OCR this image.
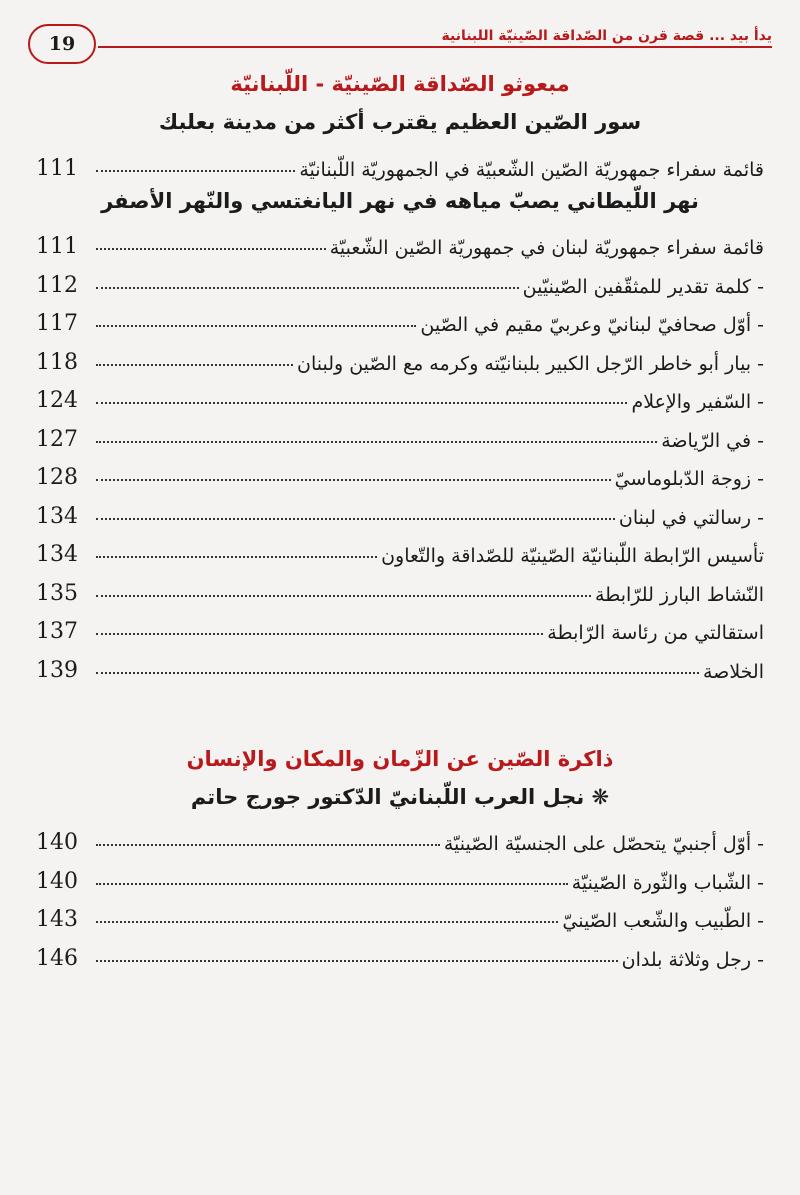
19	يدأ بيد ... قصة قرن من الصّداقة الصّينيّة اللبنانية
مبعوثو الصّداقة الصّينيّة - اللّبنانيّة
سور الصّين العظيم يقترب أكثر من مدينة بعلبك
قائمة سفراء جمهوريّة الصّين الشّعبيّة في الجمهوريّة اللّبنانيّة
111
نهر اللّيطاني يصبّ مياهه في نهر اليانغتسي والنّهر الأصفر
قائمة سفراء جمهوريّة لبنان في جمهوريّة الصّين الشّعبيّة
111
- كلمة تقدير للمثقّفين الصّينيّين
112
- أوّل صحافيّ لبنانيّ وعربيّ مقيم في الصّين
117
- بيار أبو خاطر الرّجل الكبير بلبنانيّته وكرمه مع الصّين ولبنان
118
- السّفير والإعلام
124
- في الرّياضة
127
- زوجة الدّبلوماسيّ
128
- رسالتي في لبنان
134
تأسيس الرّابطة اللّبنانيّة الصّينيّة للصّداقة والتّعاون
134
النّشاط البارز للرّابطة
135
استقالتي من رئاسة الرّابطة
137
الخلاصة
139
ذاكرة الصّين عن الزّمان والمكان والإنسان
❋ نجل العرب اللّبنانيّ الدّكتور جورج حاتم
- أوّل أجنبيّ يتحصّل على الجنسيّة الصّينيّة
140
- الشّباب والثّورة الصّينيّة
140
- الطّبيب والشّعب الصّينيّ
143
- رجل وثلاثة بلدان
146
